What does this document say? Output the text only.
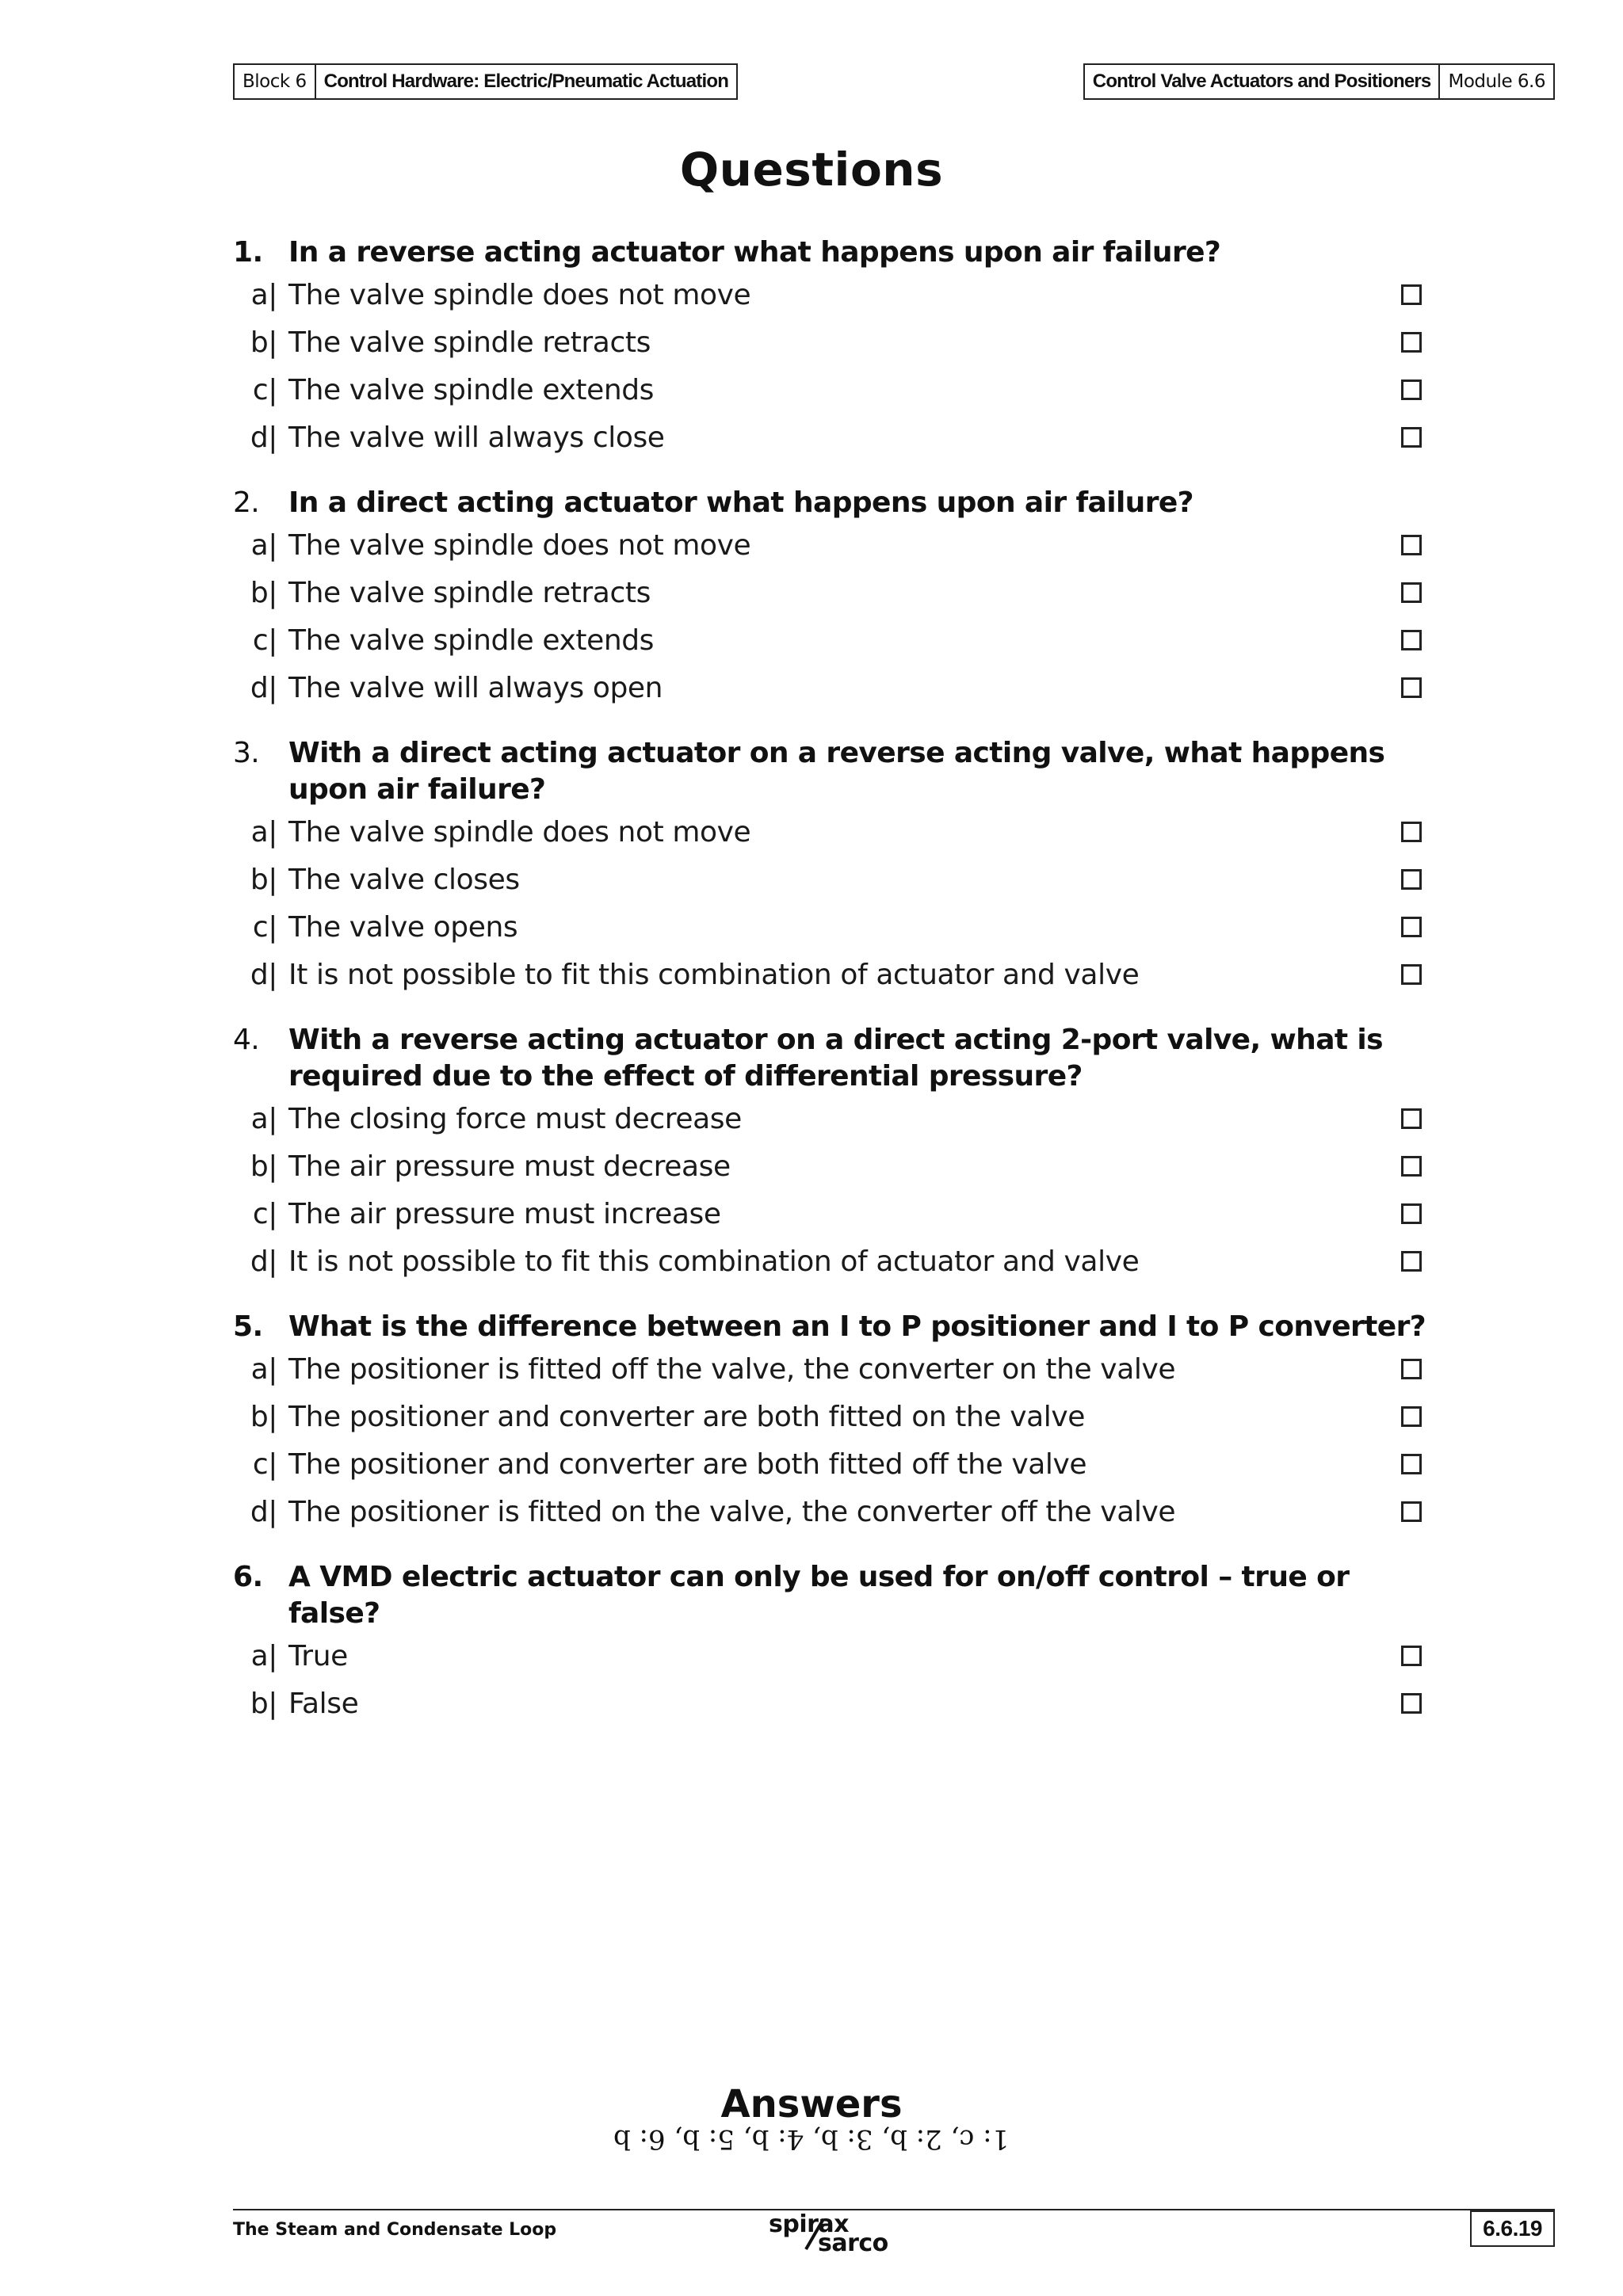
Block 6 Control Hardware: Electric/Pneumatic Actuation	Control Valve Actuators and Positioners Module 6.6
Questions
1. In a reverse acting actuator what happens upon air failure?
a| The valve spindle does not move
b| The valve spindle retracts
c| The valve spindle extends
d| The valve will always close
2.	In a direct acting actuator what happens upon air failure?
a| The valve spindle does not move
b| The valve spindle retracts
c| The valve spindle extends
d| The valve will always open
3.	With a direct acting actuator on a reverse acting valve, what happens upon air failure?
a| The valve spindle does not move
b| The valve closes
c| The valve opens
d| It is not possible to fit this combination of actuator and valve
4.	With a reverse acting actuator on a direct acting 2-port valve, what is required due to the effect of differential pressure?
a| The closing force must decrease
b| The air pressure must decrease
c| The air pressure must increase
d| It is not possible to fit this combination of actuator and valve
5. What is the difference between an I to P positioner and I to P converter?
a| The positioner is fitted off the valve, the converter on the valve
b| The positioner and converter are both fitted on the valve
c| The positioner and converter are both fitted off the valve
d| The positioner is fitted on the valve, the converter off the valve
6. A VMD electric actuator can only be used for on/off control – true or false?
a| True
b| False
Answers
1: c, 2: b, 3: b, 4: b, 5: b, 6: b
The Steam and Condensate Loop	spirax
sarco
6.6.19
